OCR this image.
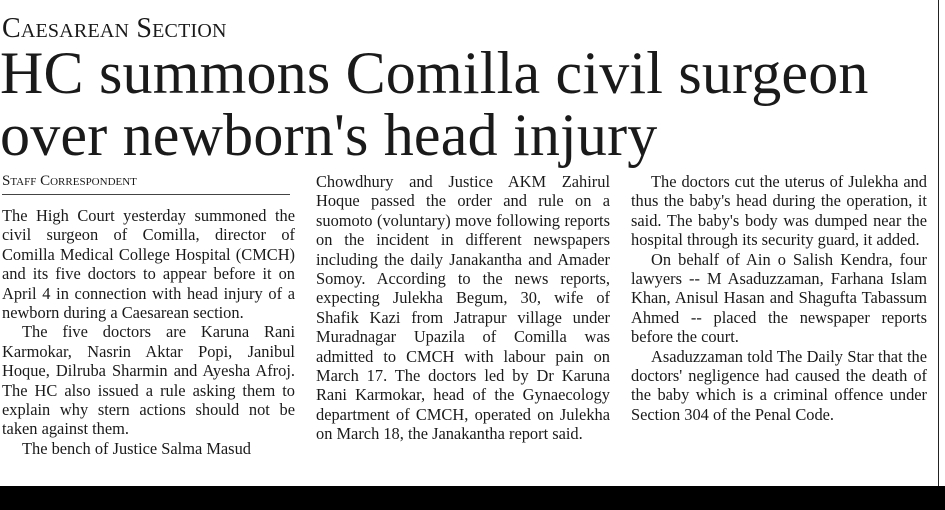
Caesarean Section
HC summons Comilla civil surgeon
over newborn's head injury
Staff Correspondent

The High Court yesterday summoned the civil surgeon of Comilla, director of Comilla Medical College Hospital (CMCH) and its five doctors to appear before it on April 4 in connection with head injury of a newborn during a Caesarean section.

The five doctors are Karuna Rani Karmokar, Nasrin Aktar Popi, Janibul Hoque, Dilruba Sharmin and Ayesha Afroj. The HC also issued a rule asking them to explain why stern actions should not be taken against them.

The bench of Justice Salma Masud

Chowdhury and Justice AKM Zahirul Hoque passed the order and rule on a suomoto (voluntary) move following reports on the incident in different newspapers including the daily Janakantha and Amader Somoy. According to the news reports, expecting Julekha Begum, 30, wife of Shafik Kazi from Jatrapur village under Muradnagar Upazila of Comilla was admitted to CMCH with labour pain on March 17. The doctors led by Dr Karuna Rani Karmokar, head of the Gynaecology department of CMCH, operated on Julekha on March 18, the Janakantha report said.

The doctors cut the uterus of Julekha and thus the baby's head during the operation, it said. The baby's body was dumped near the hospital through its security guard, it added.

On behalf of Ain o Salish Kendra, four lawyers -- M Asaduzzaman, Farhana Islam Khan, Anisul Hasan and Shagufta Tabassum Ahmed -- placed the newspaper reports before the court.

Asaduzzaman told The Daily Star that the doctors' negligence had caused the death of the baby which is a criminal offence under Section 304 of the Penal Code.
